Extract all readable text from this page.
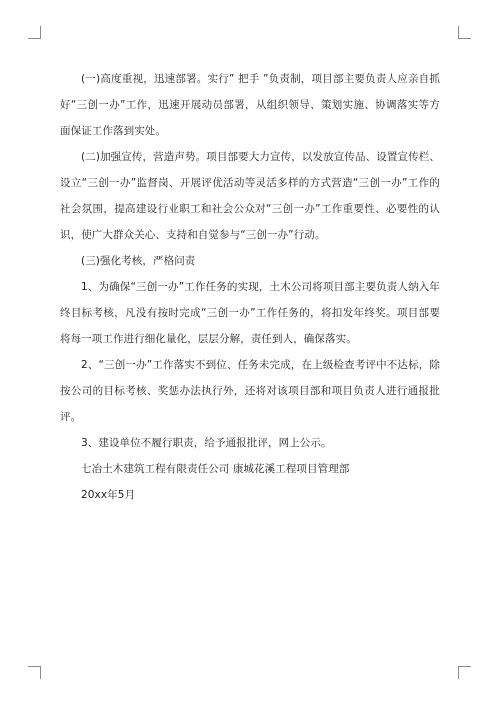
(一)高度重视，迅速部署。实行” 把手 ”负责制，项目部主要负责人应亲自抓好“三创一办”工作，迅速开展动员部署，从组织领导、策划实施、协调落实等方面保证工作落到实处。

(二)加强宣传，营造声势。项目部要大力宣传，以发放宣传品、设置宣传栏、设立“三创一办”监督岗、开展评优活动等灵活多样的方式营造“三创一办”工作的社会氛围，提高建设行业职工和社会公众对“三创一办”工作重要性、必要性的认识，使广大群众关心、支持和自觉参与“三创一办”行动。

(三)强化考核，严格问责

1、为确保“三创一办”工作任务的实现，土木公司将项目部主要负责人纳入年终目标考核，凡没有按时完成“三创一办”工作任务的，将扣发年终奖。项目部要将每一项工作进行细化量化，层层分解，责任到人，确保落实。

2、“三创一办”工作落实不到位、任务未完成，在上级检查考评中不达标，除按公司的目标考核、奖惩办法执行外，还将对该项目部和项目负责人进行通报批评。

3、建设单位不履行职责，给予通报批评，网上公示。

七冶土木建筑工程有限责任公司 康城花溪工程项目管理部

20xx年5月
